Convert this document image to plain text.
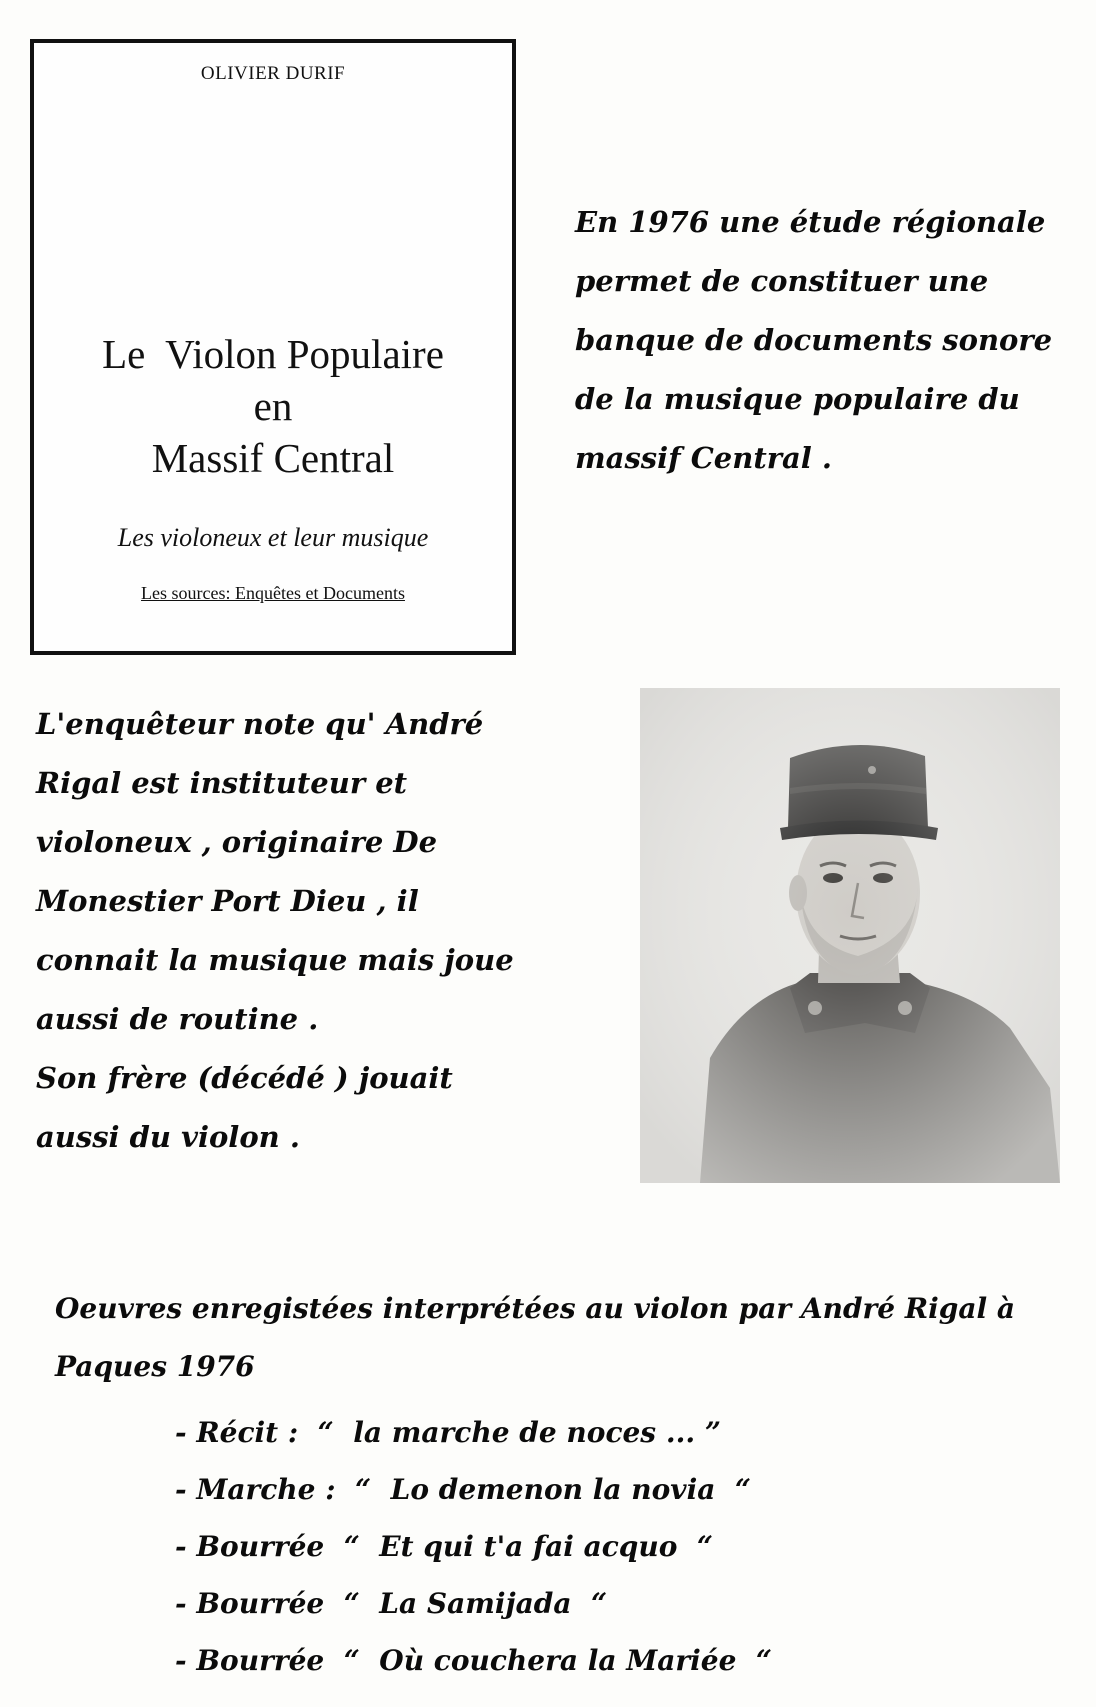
OLIVIER DURIF
Le  Violon Populaire
en
Massif Central
Les violoneux et leur musique
Les sources: Enquêtes et Documents

En 1976 une étude régionale

permet de constituer une

banque de documents sonore

de la musique populaire du

massif Central .

L'enquêteur note qu' André

Rigal est instituteur et

violoneux , originaire De

Monestier Port Dieu , il

connait la musique mais joue

aussi de routine .

Son frère (décédé ) jouait

aussi du violon .

Oeuvres enregistées interprétées au violon par André Rigal à

Paques 1976

- Récit :  “  la marche de noces ... ”
- Marche :  “  Lo demenon la novia  “
- Bourrée  “  Et qui t'a fai acquo  “
- Bourrée  “  La Samijada  “
- Bourrée  “  Où couchera la Mariée  “
